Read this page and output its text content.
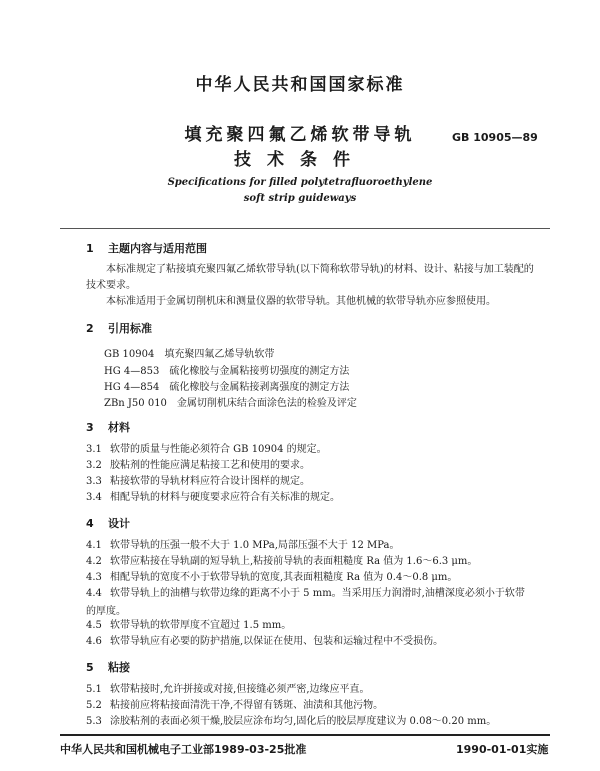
中华人民共和国国家标准
填充聚四氟乙烯软带导轨
技术条件
GB 10905—89
Specifications for filled polytetrafluoroethylene
soft strip guideways
1 主题内容与适用范围
本标准规定了粘接填充聚四氟乙烯软带导轨(以下简称软带导轨)的材料、设计、粘接与加工装配的
技术要求。
本标准适用于金属切削机床和测量仪器的软带导轨。其他机械的软带导轨亦应参照使用。
2 引用标准
GB 10904　填充聚四氟乙烯导轨软带
HG 4—853　硫化橡胶与金属粘接剪切强度的测定方法
HG 4—854　硫化橡胶与金属粘接剥离强度的测定方法
ZBn J50 010　金属切削机床结合面涂色法的检验及评定
3 材料
3.1 软带的质量与性能必须符合 GB 10904 的规定。
3.2 胶粘剂的性能应满足粘接工艺和使用的要求。
3.3 粘接软带的导轨材料应符合设计图样的规定。
3.4 相配导轨的材料与硬度要求应符合有关标准的规定。
4 设计
4.1 软带导轨的压强一般不大于 1.0 MPa,局部压强不大于 12 MPa。
4.2 软带应粘接在导轨副的短导轨上,粘接前导轨的表面粗糙度 Ra 值为 1.6～6.3 μm。
4.3 相配导轨的宽度不小于软带导轨的宽度,其表面粗糙度 Ra 值为 0.4～0.8 μm。
4.4 软带导轨上的油槽与软带边缘的距离不小于 5 mm。当采用压力润滑时,油槽深度必须小于软带
的厚度。
4.5 软带导轨的软带厚度不宜超过 1.5 mm。
4.6 软带导轨应有必要的防护措施,以保证在使用、包装和运输过程中不受损伤。
5 粘接
5.1 软带粘接时,允许拼接或对接,但接缝必须严密,边缘应平直。
5.2 粘接前应将粘接面清洗干净,不得留有锈斑、油渍和其他污物。
5.3 涂胶粘剂的表面必须干燥,胶层应涂布均匀,固化后的胶层厚度建议为 0.08～0.20 mm。
中华人民共和国机械电子工业部1989-03-25批准	1990-01-01实施
